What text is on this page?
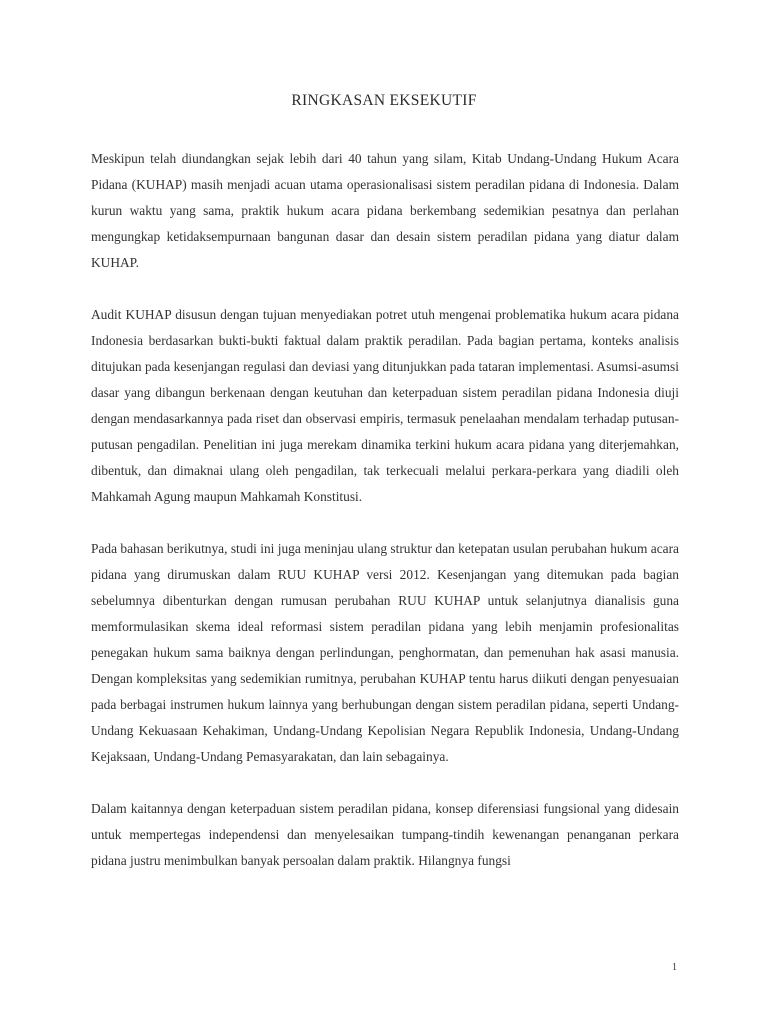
RINGKASAN EKSEKUTIF

Meskipun telah diundangkan sejak lebih dari 40 tahun yang silam, Kitab Undang-Undang Hukum Acara Pidana (KUHAP) masih menjadi acuan utama operasionalisasi sistem peradilan pidana di Indonesia. Dalam kurun waktu yang sama, praktik hukum acara pidana berkembang sedemikian pesatnya dan perlahan mengungkap ketidaksempurnaan bangunan dasar dan desain sistem peradilan pidana yang diatur dalam KUHAP.

Audit KUHAP disusun dengan tujuan menyediakan potret utuh mengenai problematika hukum acara pidana Indonesia berdasarkan bukti-bukti faktual dalam praktik peradilan. Pada bagian pertama, konteks analisis ditujukan pada kesenjangan regulasi dan deviasi yang ditunjukkan pada tataran implementasi. Asumsi-asumsi dasar yang dibangun berkenaan dengan keutuhan dan keterpaduan sistem peradilan pidana Indonesia diuji dengan mendasarkannya pada riset dan observasi empiris, termasuk penelaahan mendalam terhadap putusan-putusan pengadilan. Penelitian ini juga merekam dinamika terkini hukum acara pidana yang diterjemahkan, dibentuk, dan dimaknai ulang oleh pengadilan, tak terkecuali melalui perkara-perkara yang diadili oleh Mahkamah Agung maupun Mahkamah Konstitusi.

Pada bahasan berikutnya, studi ini juga meninjau ulang struktur dan ketepatan usulan perubahan hukum acara pidana yang dirumuskan dalam RUU KUHAP versi 2012. Kesenjangan yang ditemukan pada bagian sebelumnya dibenturkan dengan rumusan perubahan RUU KUHAP untuk selanjutnya dianalisis guna memformulasikan skema ideal reformasi sistem peradilan pidana yang lebih menjamin profesionalitas penegakan hukum sama baiknya dengan perlindungan, penghormatan, dan pemenuhan hak asasi manusia. Dengan kompleksitas yang sedemikian rumitnya, perubahan KUHAP tentu harus diikuti dengan penyesuaian pada berbagai instrumen hukum lainnya yang berhubungan dengan sistem peradilan pidana, seperti Undang-Undang Kekuasaan Kehakiman, Undang-Undang Kepolisian Negara Republik Indonesia, Undang-Undang Kejaksaan, Undang-Undang Pemasyarakatan, dan lain sebagainya.

Dalam kaitannya dengan keterpaduan sistem peradilan pidana, konsep diferensiasi fungsional yang didesain untuk mempertegas independensi dan menyelesaikan tumpang-tindih kewenangan penanganan perkara pidana justru menimbulkan banyak persoalan dalam praktik. Hilangnya fungsi

1
